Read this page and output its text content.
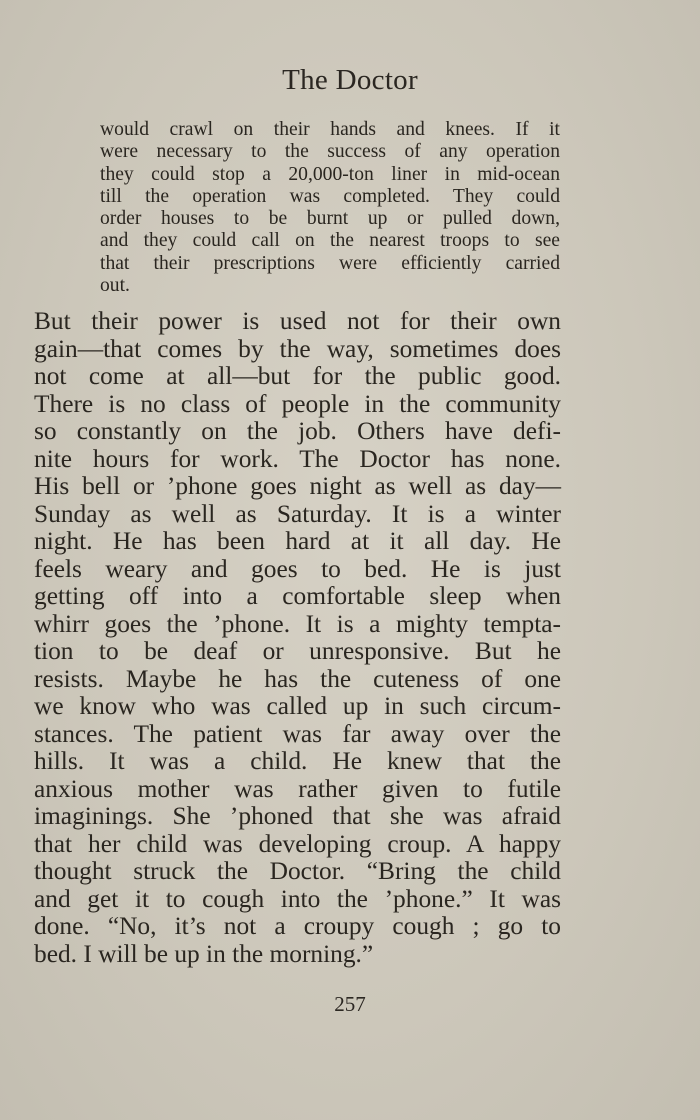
The Doctor
would crawl on their hands and knees. If it
were necessary to the success of any operation
they could stop a 20,000-ton liner in mid-ocean
till the operation was completed. They could
order houses to be burnt up or pulled down,
and they could call on the nearest troops to see
that their prescriptions were efficiently carried
out.
But their power is used not for their own
gain—that comes by the way, sometimes does
not come at all—but for the public good.
There is no class of people in the community
so constantly on the job. Others have defi-
nite hours for work. The Doctor has none.
His bell or ’phone goes night as well as day—
Sunday as well as Saturday. It is a winter
night. He has been hard at it all day. He
feels weary and goes to bed. He is just
getting off into a comfortable sleep when
whirr goes the ’phone. It is a mighty tempta-
tion to be deaf or unresponsive. But he
resists. Maybe he has the cuteness of one
we know who was called up in such circum-
stances. The patient was far away over the
hills. It was a child. He knew that the
anxious mother was rather given to futile
imaginings. She ’phoned that she was afraid
that her child was developing croup. A happy
thought struck the Doctor. “Bring the child
and get it to cough into the ’phone.” It was
done. “No, it’s not a croupy cough ; go to
bed. I will be up in the morning.”
257
